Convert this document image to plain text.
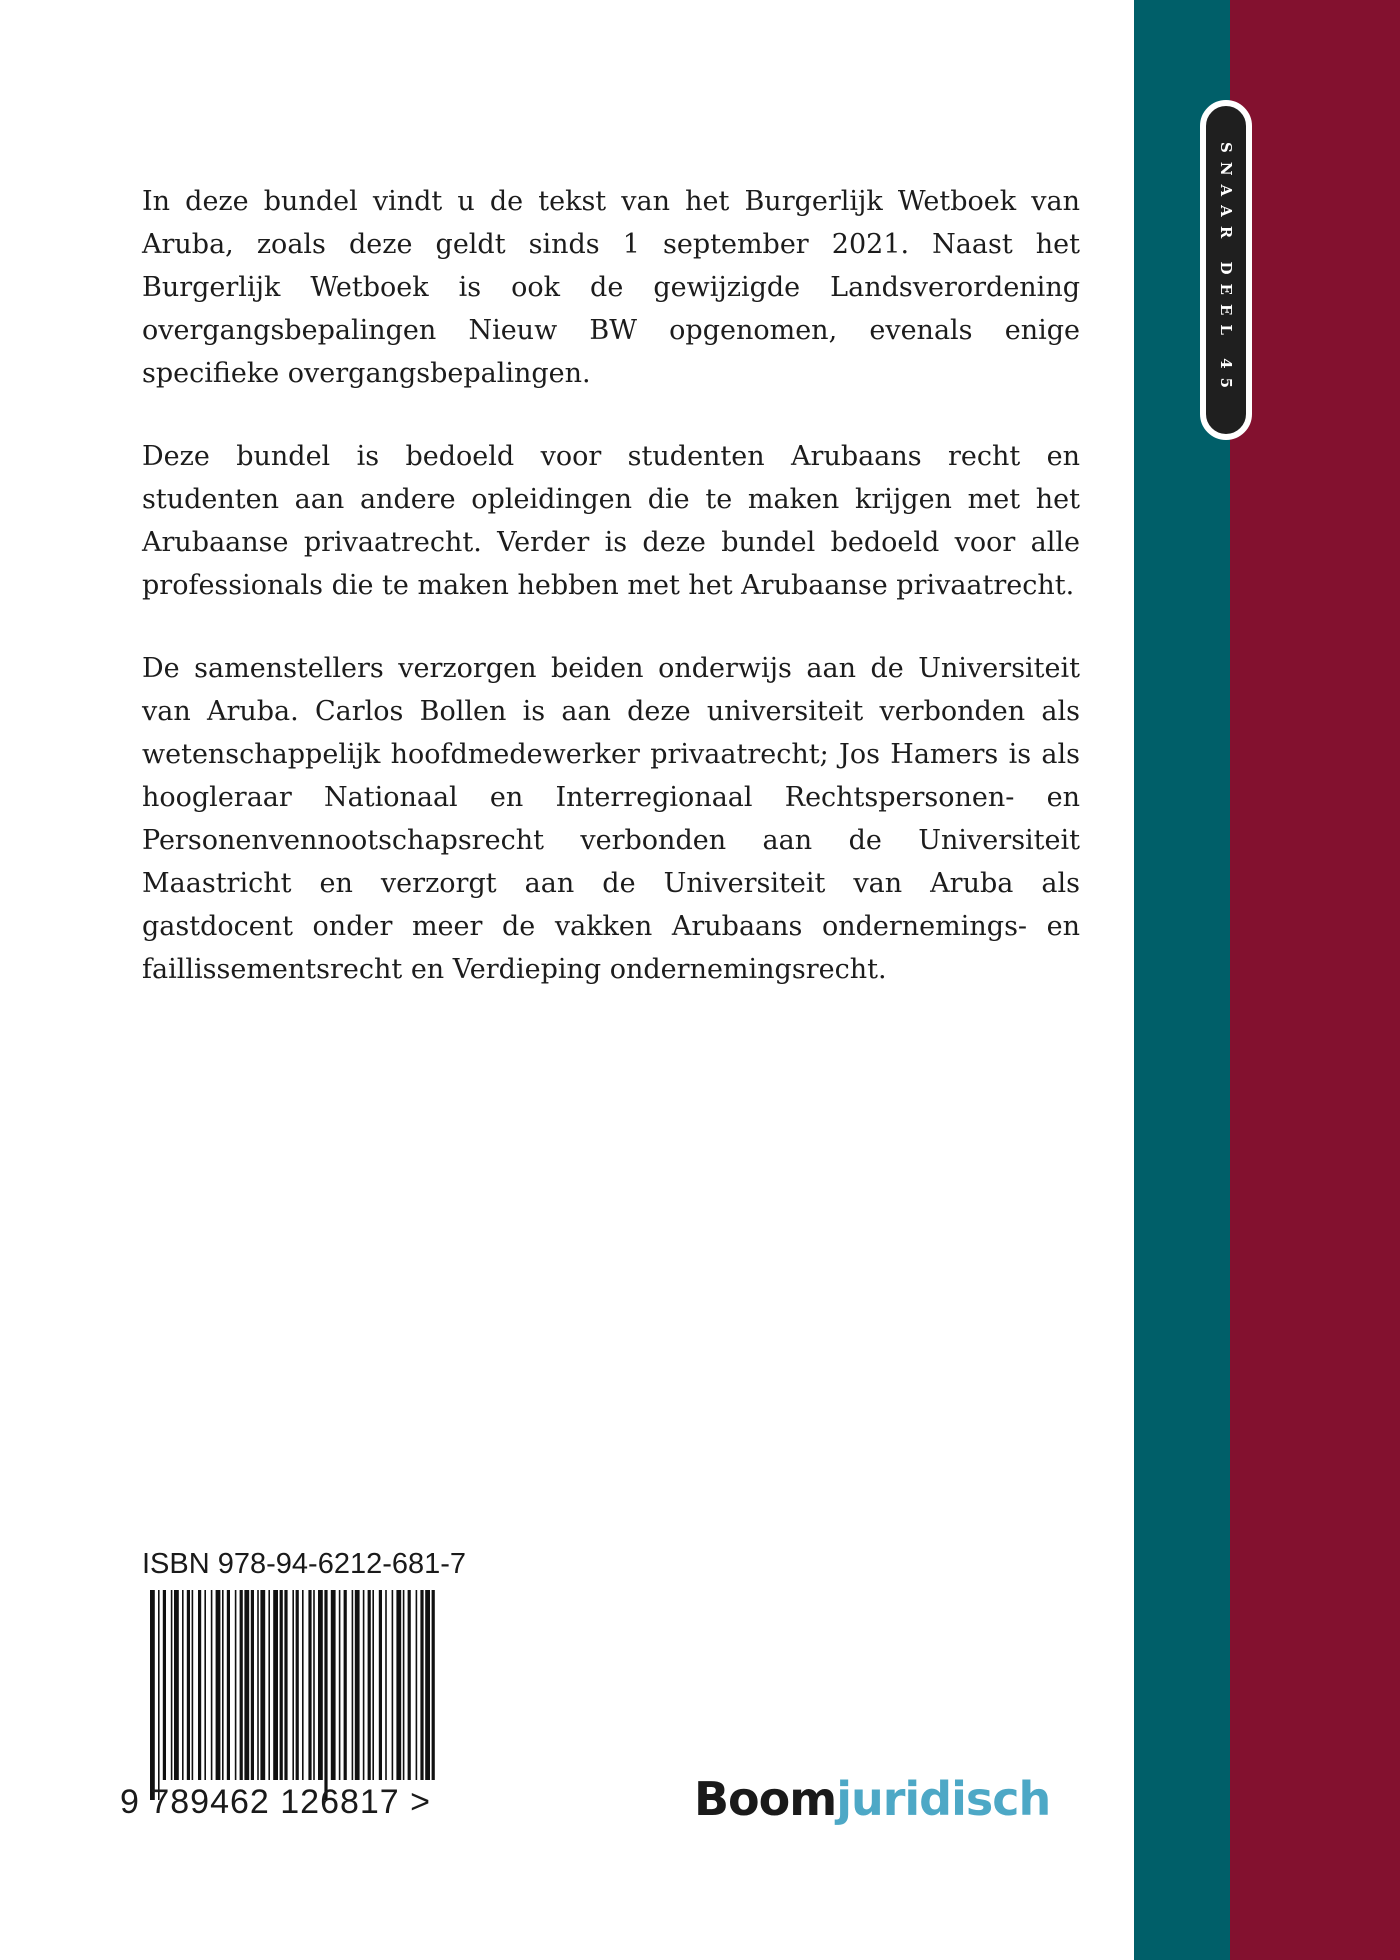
SNAAR DEEL 45

In deze bundel vindt u de tekst van het Burgerlijk Wetboek van Aruba, zoals deze geldt sinds 1 september 2021. Naast het Burgerlijk Wetboek is ook de gewijzigde Landsverordening overgangsbepalingen Nieuw BW opgenomen, evenals enige specifieke overgangsbepalingen.

Deze bundel is bedoeld voor studenten Arubaans recht en studenten aan andere opleidingen die te maken krijgen met het Arubaanse privaatrecht. Verder is deze bundel bedoeld voor alle professionals die te maken hebben met het Arubaanse privaatrecht.

De samenstellers verzorgen beiden onderwijs aan de Universiteit van Aruba. Carlos Bollen is aan deze universiteit verbonden als wetenschappelijk hoofdmedewerker privaatrecht; Jos Hamers is als hoogleraar Nationaal en Interregionaal Rechtspersonen- en Personenvennootschapsrecht verbonden aan de Universiteit Maastricht en verzorgt aan de Universiteit van Aruba als gastdocent onder meer de vakken Arubaans ondernemings- en faillissementsrecht en Verdieping ondernemingsrecht.

ISBN 978-94-6212-681-7
9 789462 126817 >	Boomjuridisch
